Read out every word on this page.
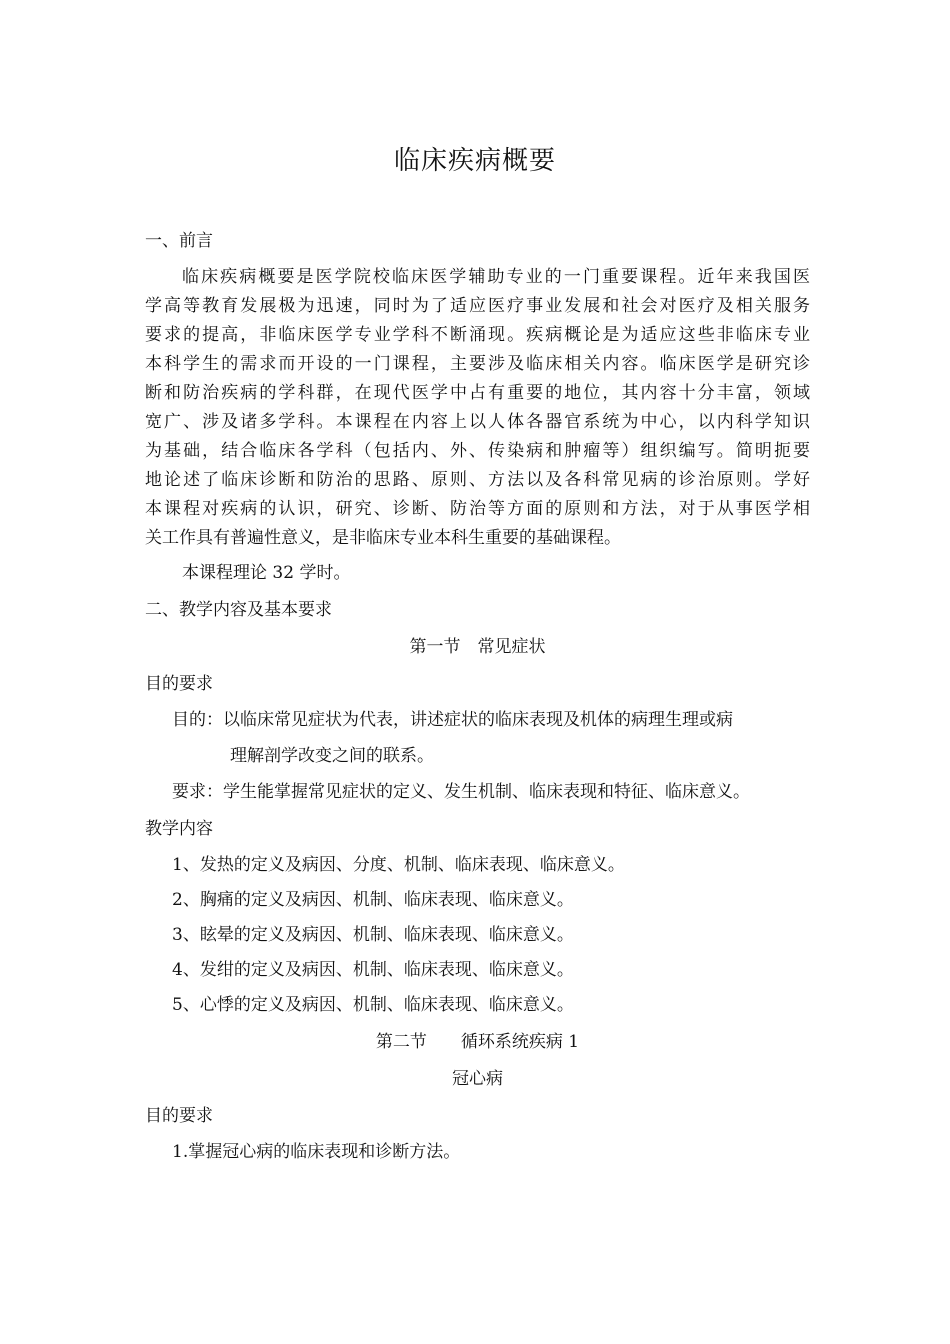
临床疾病概要
一、前言
临床疾病概要是医学院校临床医学辅助专业的一门重要课程。近年来我国医
学高等教育发展极为迅速，同时为了适应医疗事业发展和社会对医疗及相关服务
要求的提高，非临床医学专业学科不断涌现。疾病概论是为适应这些非临床专业
本科学生的需求而开设的一门课程，主要涉及临床相关内容。临床医学是研究诊
断和防治疾病的学科群，在现代医学中占有重要的地位，其内容十分丰富，领域
宽广、涉及诸多学科。本课程在内容上以人体各器官系统为中心，以内科学知识
为基础，结合临床各学科（包括内、外、传染病和肿瘤等）组织编写。简明扼要
地论述了临床诊断和防治的思路、原则、方法以及各科常见病的诊治原则。学好
本课程对疾病的认识，研究、诊断、防治等方面的原则和方法，对于从事医学相
关工作具有普遍性意义，是非临床专业本科生重要的基础课程。
本课程理论 32 学时。
二、教学内容及基本要求
第一节　常见症状
目的要求
目的：以临床常见症状为代表，讲述症状的临床表现及机体的病理生理或病
理解剖学改变之间的联系。
要求：学生能掌握常见症状的定义、发生机制、临床表现和特征、临床意义。
教学内容
1、发热的定义及病因、分度、机制、临床表现、临床意义。
2、胸痛的定义及病因、机制、临床表现、临床意义。
3、眩晕的定义及病因、机制、临床表现、临床意义。
4、发绀的定义及病因、机制、临床表现、临床意义。
5、心悸的定义及病因、机制、临床表现、临床意义。
第二节　　循环系统疾病 1
冠心病
目的要求
1.掌握冠心病的临床表现和诊断方法。
